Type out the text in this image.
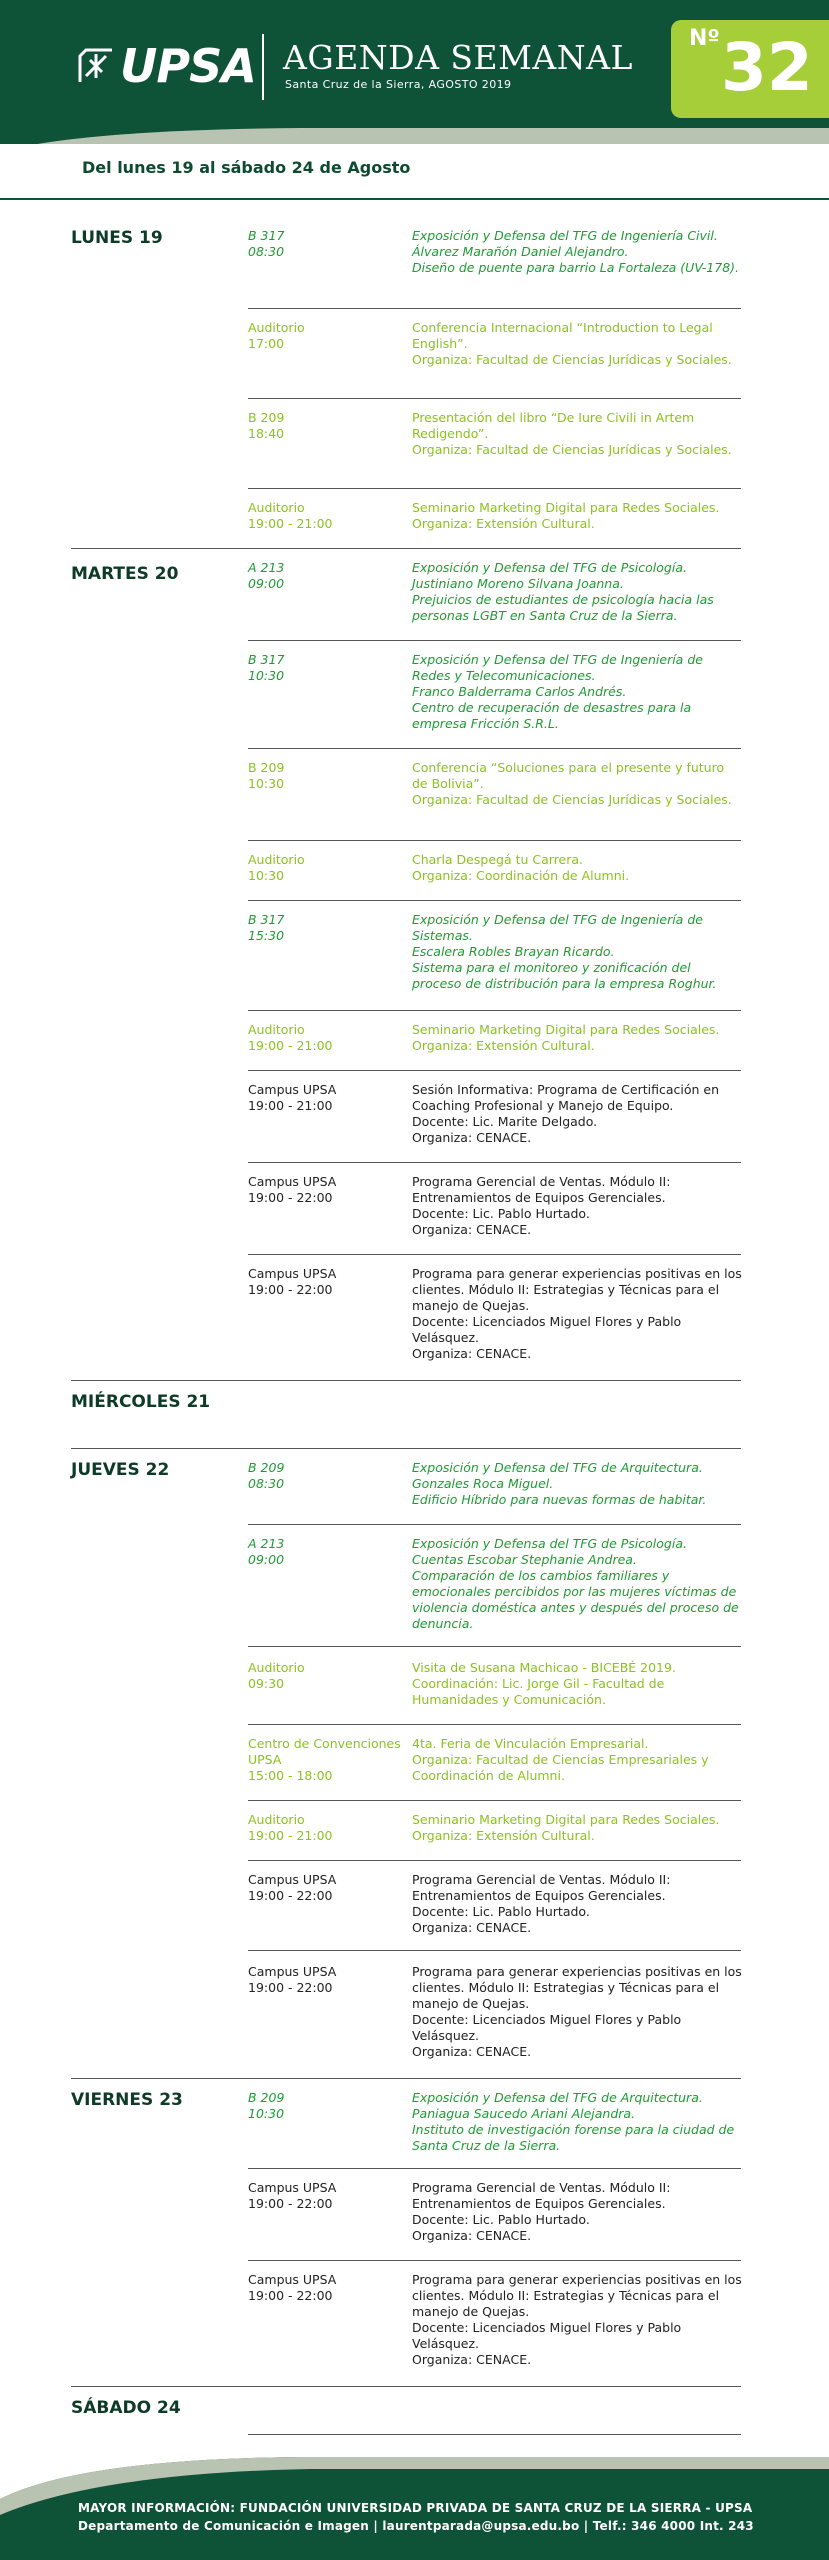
UPSA AGENDA SEMANAL
Santa Cruz de la Sierra, AGOSTO 2019
Nº 32
Del lunes 19 al sábado 24 de Agosto
LUNES 19
MARTES 20
MIÉRCOLES 21
JUEVES 22
VIERNES 23
SÁBADO 24
B 317
08:30
Exposición y Defensa del TFG de Ingeniería Civil.
Álvarez Marañón Daniel Alejandro.
Diseño de puente para barrio La Fortaleza (UV-178).
Auditorio
17:00
Conferencia Internacional “Introduction to Legal English”.
Organiza: Facultad de Ciencias Jurídicas y Sociales.
B 209
18:40
Presentación del libro “De Iure Civili in Artem Redigendo”.
Organiza: Facultad de Ciencias Jurídicas y Sociales.
Auditorio
19:00 - 21:00
Seminario Marketing Digital para Redes Sociales.
Organiza: Extensión Cultural.
A 213
09:00
Exposición y Defensa del TFG de Psicología.
Justiniano Moreno Silvana Joanna.
Prejuicios de estudiantes de psicología hacia las personas LGBT en Santa Cruz de la Sierra.
B 317
10:30
Exposición y Defensa del TFG de Ingeniería de Redes y Telecomunicaciones.
Franco Balderrama Carlos Andrés.
Centro de recuperación de desastres para la empresa Fricción S.R.L.
B 209
10:30
Conferencia “Soluciones para el presente y futuro de Bolivia”.
Organiza: Facultad de Ciencias Jurídicas y Sociales.
Auditorio
10:30
Charla Despegá tu Carrera.
Organiza: Coordinación de Alumni.
B 317
15:30
Exposición y Defensa del TFG de Ingeniería de Sistemas.
Escalera Robles Brayan Ricardo.
Sistema para el monitoreo y zonificación del proceso de distribución para la empresa Roghur.
Auditorio
19:00 - 21:00
Seminario Marketing Digital para Redes Sociales.
Organiza: Extensión Cultural.
Campus UPSA
19:00 - 21:00
Sesión Informativa: Programa de Certificación en Coaching Profesional y Manejo de Equipo.
Docente: Lic. Marite Delgado.
Organiza: CENACE.
Campus UPSA
19:00 - 22:00
Programa Gerencial de Ventas. Módulo II: Entrenamientos de Equipos Gerenciales.
Docente: Lic. Pablo Hurtado.
Organiza: CENACE.
Campus UPSA
19:00 - 22:00
Programa para generar experiencias positivas en los clientes. Módulo II: Estrategias y Técnicas para el manejo de Quejas.
Docente: Licenciados Miguel Flores y Pablo Velásquez.
Organiza: CENACE.
B 209
08:30
Exposición y Defensa del TFG de Arquitectura.
Gonzales Roca Miguel.
Edificio Híbrido para nuevas formas de habitar.
A 213
09:00
Exposición y Defensa del TFG de Psicología.
Cuentas Escobar Stephanie Andrea.
Comparación de los cambios familiares y emocionales percibidos por las mujeres víctimas de violencia doméstica antes y después del proceso de denuncia.
Auditorio
09:30
Visita de Susana Machicao - BICEBÉ 2019.
Coordinación: Lic. Jorge Gil - Facultad de Humanidades y Comunicación.
Centro de Convenciones
UPSA
15:00 - 18:00
4ta. Feria de Vinculación Empresarial.
Organiza: Facultad de Ciencias Empresariales y Coordinación de Alumni.
Auditorio
19:00 - 21:00
Seminario Marketing Digital para Redes Sociales.
Organiza: Extensión Cultural.
Campus UPSA
19:00 - 22:00
Programa Gerencial de Ventas. Módulo II: Entrenamientos de Equipos Gerenciales.
Docente: Lic. Pablo Hurtado.
Organiza: CENACE.
Campus UPSA
19:00 - 22:00
Programa para generar experiencias positivas en los clientes. Módulo II: Estrategias y Técnicas para el manejo de Quejas.
Docente: Licenciados Miguel Flores y Pablo Velásquez.
Organiza: CENACE.
B 209
10:30
Exposición y Defensa del TFG de Arquitectura.
Paniagua Saucedo Ariani Alejandra.
Instituto de investigación forense para la ciudad de Santa Cruz de la Sierra.
Campus UPSA
19:00 - 22:00
Programa Gerencial de Ventas. Módulo II: Entrenamientos de Equipos Gerenciales.
Docente: Lic. Pablo Hurtado.
Organiza: CENACE.
Campus UPSA
19:00 - 22:00
Programa para generar experiencias positivas en los clientes. Módulo II: Estrategias y Técnicas para el manejo de Quejas.
Docente: Licenciados Miguel Flores y Pablo Velásquez.
Organiza: CENACE.
MAYOR INFORMACIÓN: FUNDACIÓN UNIVERSIDAD PRIVADA DE SANTA CRUZ DE LA SIERRA - UPSA
Departamento de Comunicación e Imagen | laurentparada@upsa.edu.bo | Telf.: 346 4000 Int. 243
